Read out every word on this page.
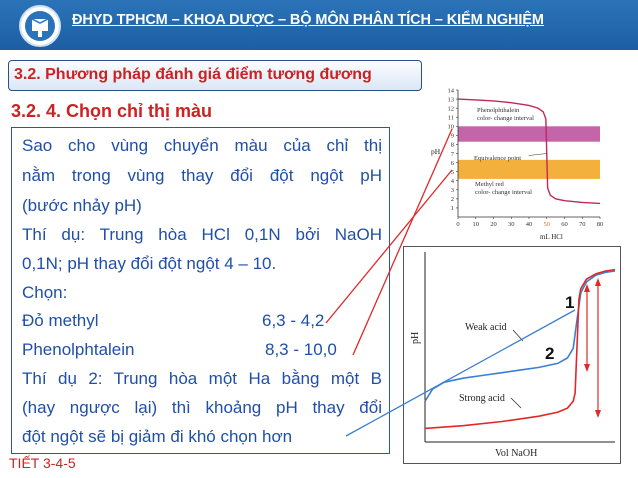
ĐHYD TPHCM – KHOA DƯỢC – BỘ MÔN PHÂN TÍCH – KIỂM NGHIỆM
3.2. Phương pháp đánh giá điểm tương đương
3.2. 4. Chọn chỉ thị màu
Sao cho vùng chuyển màu của chỉ thị
nằm trong vùng thay đổi đột ngột pH
(bước nhảy pH)
Thí dụ: Trung hòa HCl 0,1N bởi NaOH
0,1N; pH thay đổi đột ngột 4 – 10.
Chọn:
Đỏ methyl	6,3 - 4,2
Phenolphtalein	8,3 - 10,0
Thí dụ 2: Trung hòa một Ha bằng một B
(hay ngược lại) thì khoảng pH thay đổi
đột ngột sẽ bị giảm đi khó chọn hơn
TIẾT 3-4-5
1
2
3
4
5
6
7
8
9
10
11
12
13
14
0 10 20 30 40 50 60 70 80
pH
mL HCl
Phenolphthalein
color- change interval
Methyl red
color- change interval
Equivalence point
pH
Vol NaOH
Weak acid
Strong acid
1
2
